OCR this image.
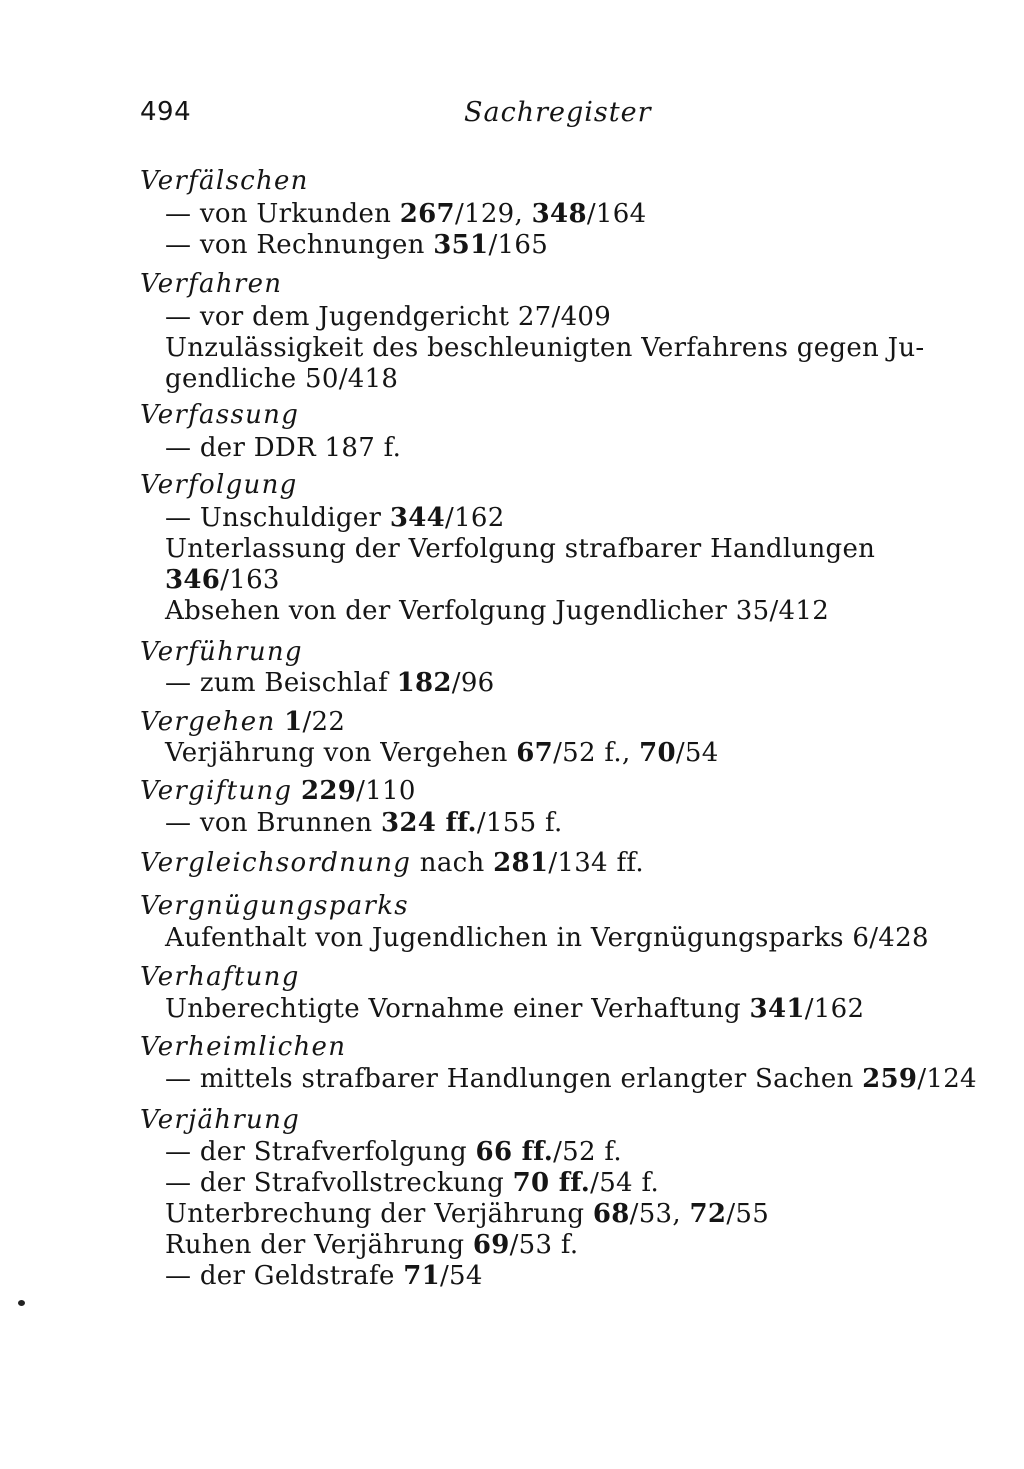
494	Sachregister
Verfälschen
— von Urkunden 267/129, 348/164
— von Rechnungen 351/165
Verfahren
— vor dem Jugendgericht 27/409
Unzulässigkeit des beschleunigten Verfahrens gegen Ju-
gendliche 50/418
Verfassung
— der DDR 187 f.
Verfolgung
— Unschuldiger 344/162
Unterlassung der Verfolgung strafbarer Handlungen
346/163
Absehen von der Verfolgung Jugendlicher 35/412
Verführung
— zum Beischlaf 182/96
Vergehen 1/22
Verjährung von Vergehen 67/52 f., 70/54
Vergiftung 229/110
— von Brunnen 324 ff./155 f.
Vergleichsordnung nach 281/134 ff.
Vergnügungsparks
Aufenthalt von Jugendlichen in Vergnügungsparks 6/428
Verhaftung
Unberechtigte Vornahme einer Verhaftung 341/162
Verheimlichen
— mittels strafbarer Handlungen erlangter Sachen 259/124
Verjährung
— der Strafverfolgung 66 ff./52 f.
— der Strafvollstreckung 70 ff./54 f.
Unterbrechung der Verjährung 68/53, 72/55
Ruhen der Verjährung 69/53 f.
— der Geldstrafe 71/54
